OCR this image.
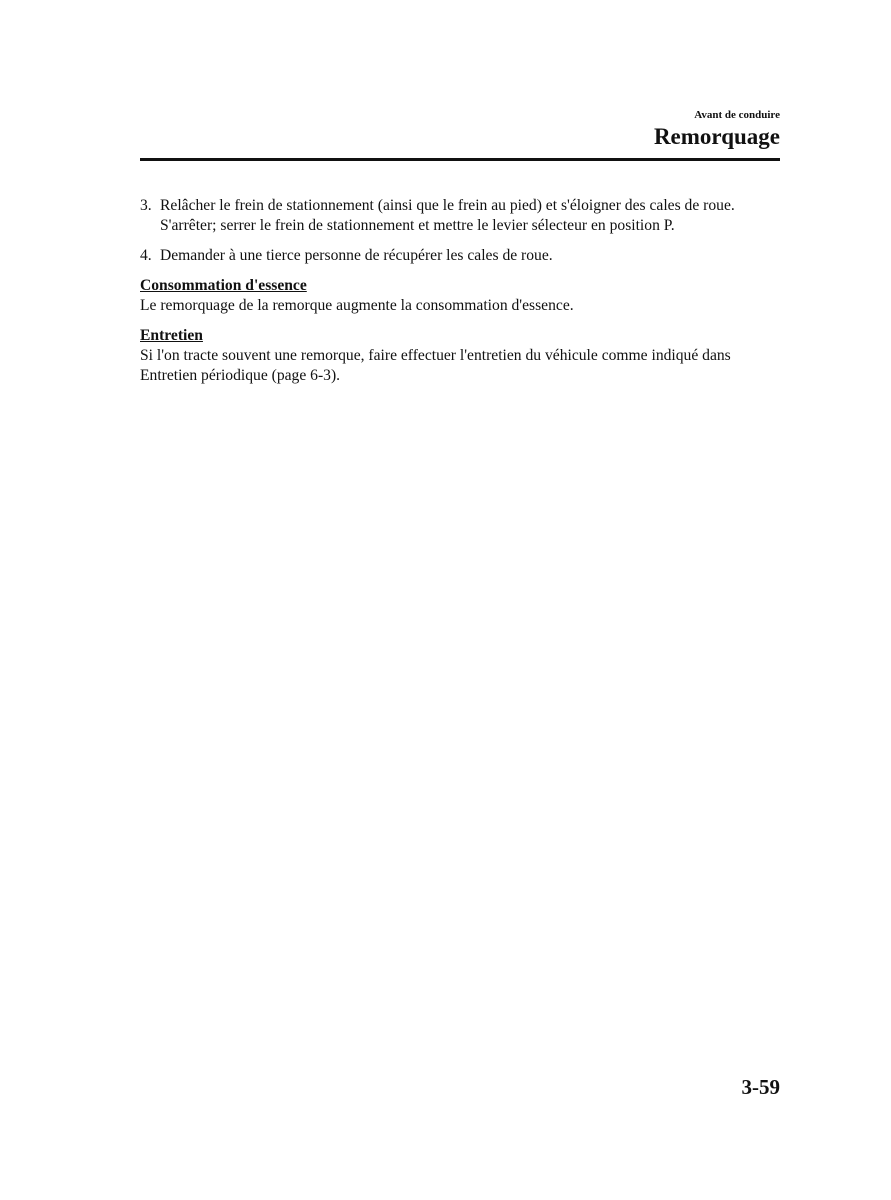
Avant de conduire
Remorquage
3. Relâcher le frein de stationnement (ainsi que le frein au pied) et s'éloigner des cales de roue. S'arrêter; serrer le frein de stationnement et mettre le levier sélecteur en position P.
4. Demander à une tierce personne de récupérer les cales de roue.

Consommation d'essence

Le remorquage de la remorque augmente la consommation d'essence.

Entretien

Si l'on tracte souvent une remorque, faire effectuer l'entretien du véhicule comme indiqué dans Entretien périodique (page 6-3).

3-59
